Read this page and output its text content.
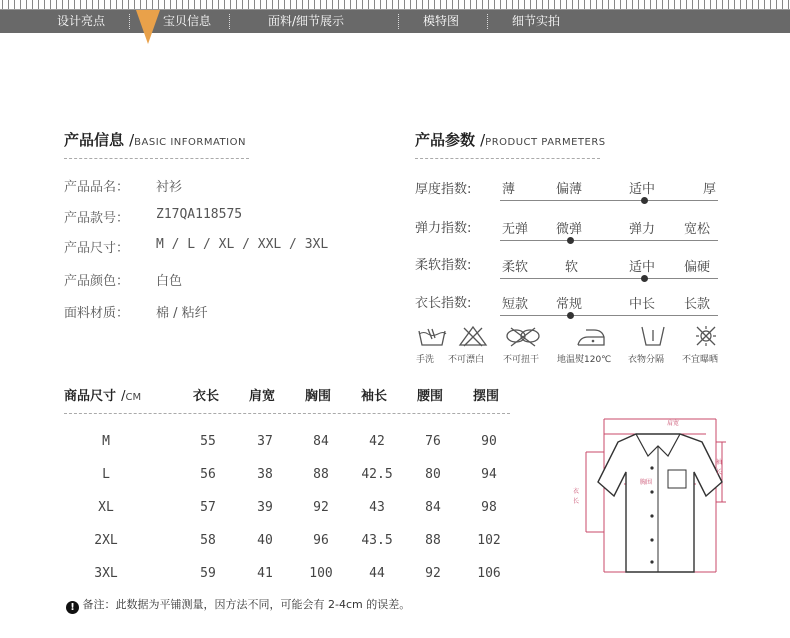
设计亮点	宝贝信息	面料/细节展示	模特图	细节实拍
产品信息 /BASIC INFORMATION
产品品名： 衬衫
产品款号： Z17QA118575
产品尺寸： M / L / XL / XXL / 3XL
产品颜色： 白色
面料材质： 棉 / 粘纤
产品参数 /PRODUCT PARMETERS
厚度指数: 薄	偏薄	适中	厚
弹力指数: 无弹 微弹	弹力 宽松
柔软指数: 柔软	软	适中 偏硬
衣长指数: 短款 常规	中长 长款
手洗 不可漂白 不可扭干 地温熨120℃ 衣物分隔 不宜曝晒
商品尺寸 /CM	衣长 肩宽 胸围 袖长 腰围 摆围
M	55	37	84	42	76	90
L	56	38	88	42.5	80	94
XL	57	39	92	43	84	98
2XL	58	40	96	43.5	88	102
3XL	59	41	100	44	92	106
! 备注：此数据为平铺测量，因方法不同，可能会有 2-4cm 的误差。
肩宽
胸围
袖长
衣长
